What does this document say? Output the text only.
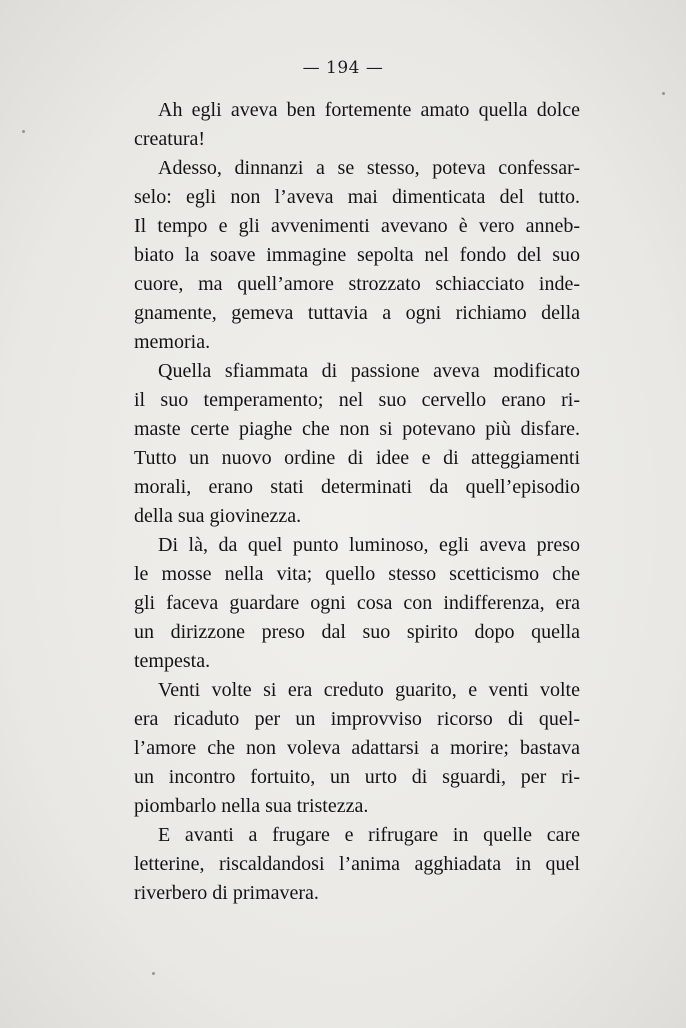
— 194 —

Ah egli aveva ben fortemente amato quella dolce
creatura!

Adesso, dinnanzi a se stesso, poteva confessar-
selo: egli non l’aveva mai dimenticata del tutto.
Il tempo e gli avvenimenti avevano è vero anneb-
biato la soave immagine sepolta nel fondo del suo
cuore, ma quell’amore strozzato schiacciato inde-
gnamente, gemeva tuttavia a ogni richiamo della
memoria.

Quella sfiammata di passione aveva modificato
il suo temperamento; nel suo cervello erano ri-
maste certe piaghe che non si potevano più disfare.
Tutto un nuovo ordine di idee e di atteggiamenti
morali, erano stati determinati da quell’episodio
della sua giovinezza.

Di là, da quel punto luminoso, egli aveva preso
le mosse nella vita; quello stesso scetticismo che
gli faceva guardare ogni cosa con indifferenza, era
un dirizzone preso dal suo spirito dopo quella
tempesta.

Venti volte si era creduto guarito, e venti volte
era ricaduto per un improvviso ricorso di quel-
l’amore che non voleva adattarsi a morire; bastava
un incontro fortuito, un urto di sguardi, per ri-
piombarlo nella sua tristezza.

E avanti a frugare e rifrugare in quelle care
letterine, riscaldandosi l’anima agghiadata in quel
riverbero di primavera.
